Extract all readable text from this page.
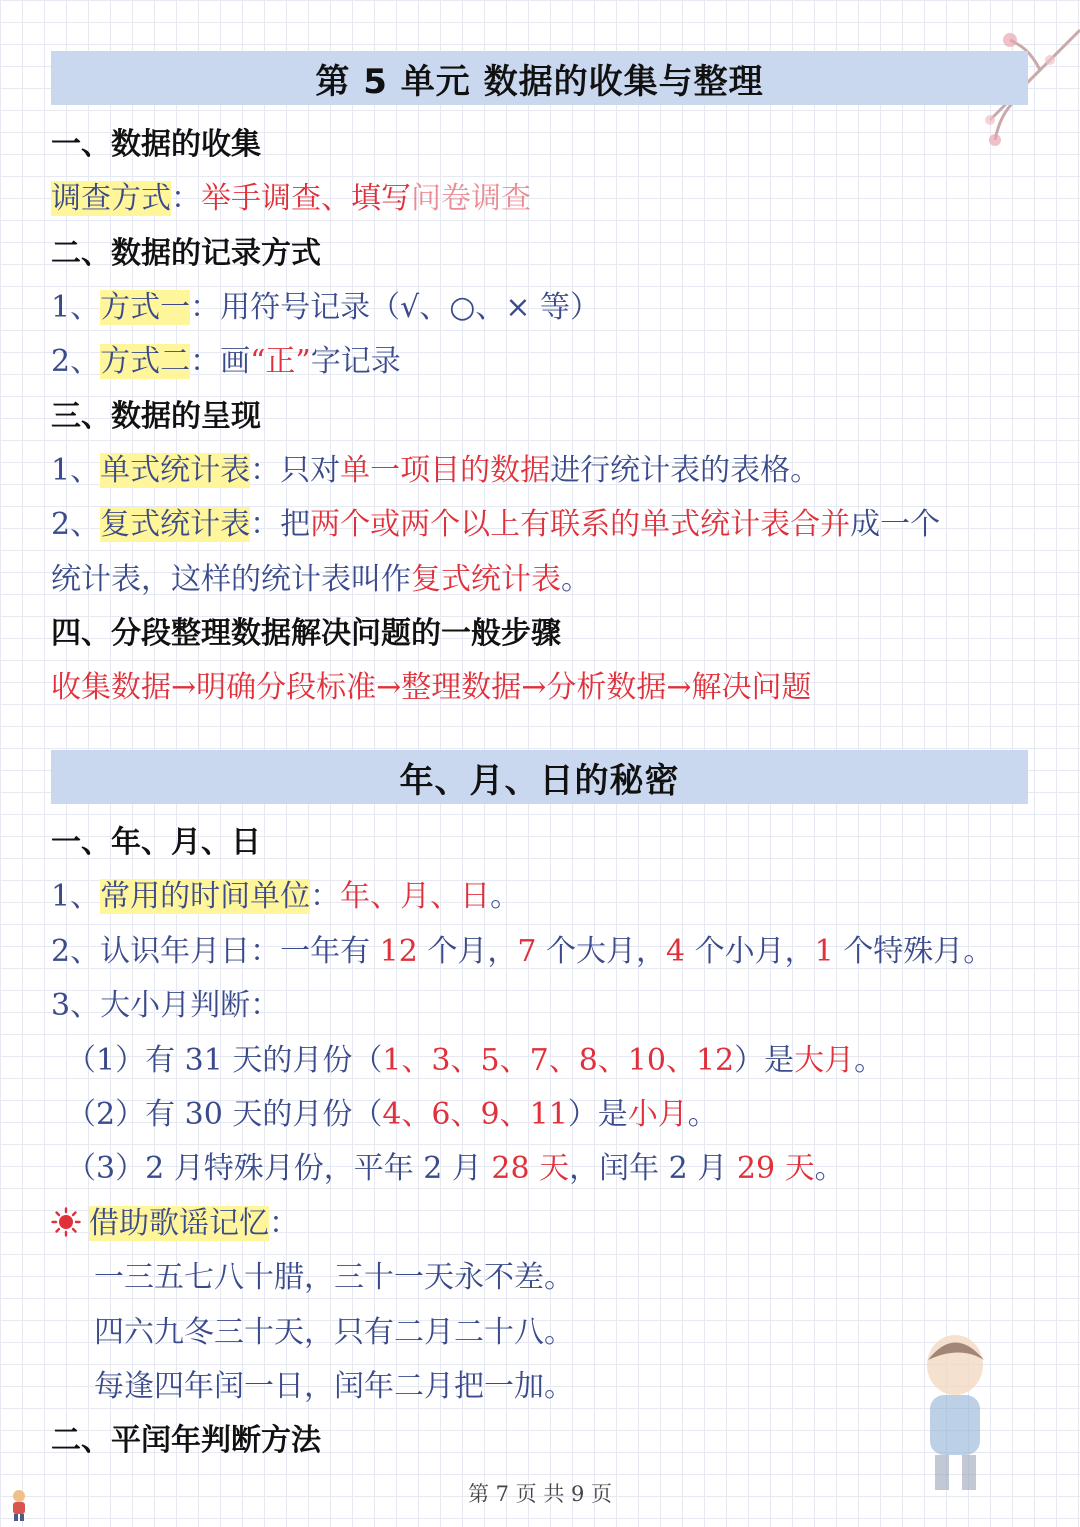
第 5 单元 数据的收集与整理
一、数据的收集
调查方式：举手调查、填写问卷调查
二、数据的记录方式
1、方式一：用符号记录（√、○、× 等）
2、方式二：画“正”字记录
三、数据的呈现
1、单式统计表：只对单一项目的数据进行统计表的表格。
2、复式统计表：把两个或两个以上有联系的单式统计表合并成一个
统计表，这样的统计表叫作复式统计表。
四、分段整理数据解决问题的一般步骤
收集数据→明确分段标准→整理数据→分析数据→解决问题
年、月、日的秘密
一、年、月、日
1、常用的时间单位：年、月、日。
2、认识年月日：一年有 12 个月，7 个大月，4 个小月，1 个特殊月。
3、大小月判断：
（1）有 31 天的月份（1、3、5、7、8、10、12）是大月。
（2）有 30 天的月份（4、6、9、11）是小月。
（3）2 月特殊月份，平年 2 月 28 天，闰年 2 月 29 天。
借助歌谣记忆：
一三五七八十腊，三十一天永不差。
四六九冬三十天，只有二月二十八。
每逢四年闰一日，闰年二月把一加。
二、平闰年判断方法
第 7 页 共 9 页
